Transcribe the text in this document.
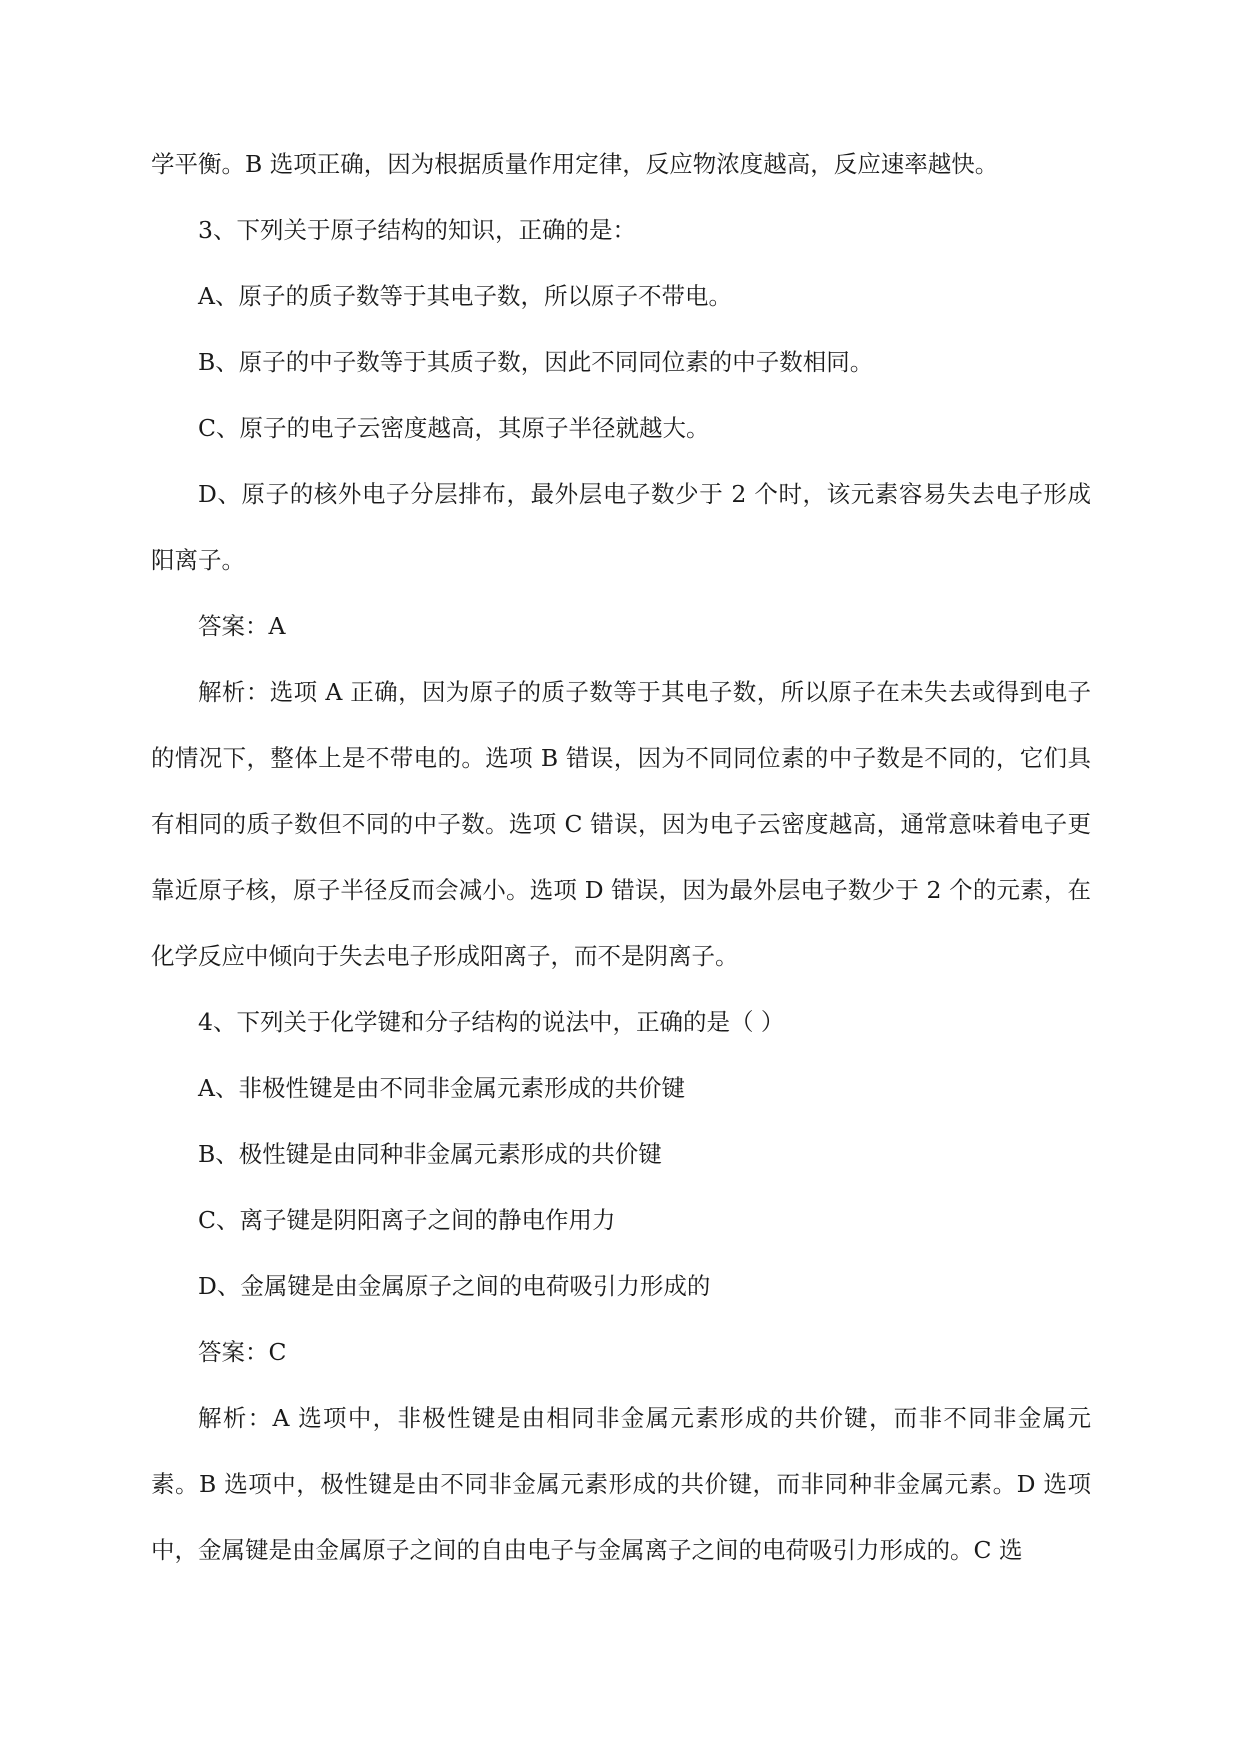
学平衡。B 选项正确，因为根据质量作用定律，反应物浓度越高，反应速率越快。

3、下列关于原子结构的知识，正确的是：

A、原子的质子数等于其电子数，所以原子不带电。

B、原子的中子数等于其质子数，因此不同同位素的中子数相同。

C、原子的电子云密度越高，其原子半径就越大。

D、原子的核外电子分层排布，最外层电子数少于 2 个时，该元素容易失去电子形成阳离子。

答案：A

解析：选项 A 正确，因为原子的质子数等于其电子数，所以原子在未失去或得到电子的情况下，整体上是不带电的。选项 B 错误，因为不同同位素的中子数是不同的，它们具有相同的质子数但不同的中子数。选项 C 错误，因为电子云密度越高，通常意味着电子更靠近原子核，原子半径反而会减小。选项 D 错误，因为最外层电子数少于 2 个的元素，在化学反应中倾向于失去电子形成阳离子，而不是阴离子。

4、下列关于化学键和分子结构的说法中，正确的是（ ）

A、非极性键是由不同非金属元素形成的共价键

B、极性键是由同种非金属元素形成的共价键

C、离子键是阴阳离子之间的静电作用力

D、金属键是由金属原子之间的电荷吸引力形成的

答案：C

解析：A 选项中，非极性键是由相同非金属元素形成的共价键，而非不同非金属元素。B 选项中，极性键是由不同非金属元素形成的共价键，而非同种非金属元素。D 选项中，金属键是由金属原子之间的自由电子与金属离子之间的电荷吸引力形成的。C 选
